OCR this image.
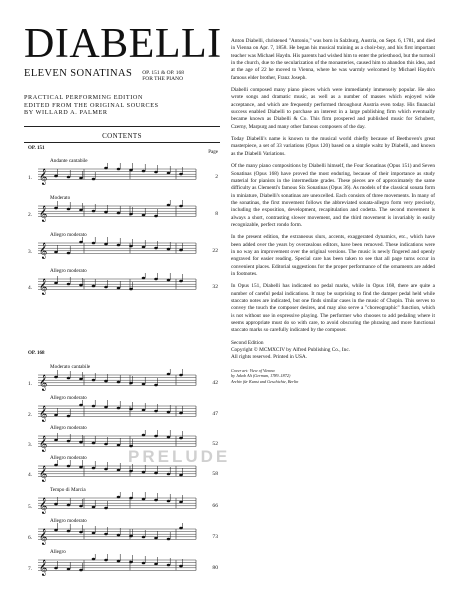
DIABELLI
ELEVEN SONATINAS OP. 151 & OP. 168
FOR THE PIANO
PRACTICAL PERFORMING EDITION
EDITED FROM THE ORIGINAL SOURCES
BY WILLARD A. PALMER
CONTENTS
OP. 151
Page
OP. 168
Andante cantabile
1.	2
𝄞
Moderato
2.	8
𝄞
Allegro moderato
3.	22
𝄞
Allegro moderato
4.	32
𝄞
Moderato cantabile
1.	42
𝄞
Allegro moderato
2.	47
𝄞
Allegro moderato
3.	52
𝄞
Allegro moderato
4.	58
𝄞
Tempo di Marcia
5.	66
𝄞
Allegro moderato
6.	73
𝄞
Allegro
7.	80
𝄞

Anton Diabelli, christened "Antonio," was born in Salzburg, Austria, on Sept. 6, 1781, and died in Vienna on Apr. 7, 1858. He began his musical training as a choir-boy, and his first important teacher was Michael Haydn. His parents had wished him to enter the priesthood, but the turmoil in the church, due to the secularization of the monasteries, caused him to abandon this idea, and at the age of 22 he moved to Vienna, where he was warmly welcomed by Michael Haydn's famous elder brother, Franz Joseph.

Diabelli composed many piano pieces which were immediately immensely popular. He also wrote songs and dramatic music, as well as a number of masses which enjoyed wide acceptance, and which are frequently performed throughout Austria even today. His financial success enabled Diabelli to purchase an interest in a large publishing firm which eventually became known as Diabelli & Co. This firm prospered and published music for Schubert, Czerny, Marpurg and many other famous composers of the day.

Today Diabelli's name is known to the musical world chiefly because of Beethoven's great masterpiece, a set of 33 variations (Opus 120) based on a simple waltz by Diabelli, and known as the Diabelli Variations.

Of the many piano compositions by Diabelli himself, the Four Sonatinas (Opus 151) and Seven Sonatinas (Opus 168) have proved the most enduring, because of their importance as study material for pianists in the intermediate grades. These pieces are of approximately the same difficulty as Clementi's famous Six Sonatinas (Opus 36). As models of the classical sonata form in miniature, Diabelli's sonatinas are unexcelled. Each consists of three movements. In many of the sonatinas, the first movement follows the abbreviated sonata-allegro form very precisely, including the exposition, development, recapitulation and codetta. The second movement is always a short, contrasting slower movement, and the third movement is invariably in easily recognizable, perfect rondo form.

In the present edition, the extraneous slurs, accents, exaggerated dynamics, etc., which have been added over the years by overzealous editors, have been removed. These indications were in no way an improvement over the original versions. The music is newly fingered and openly engraved for easier reading. Special care has been taken to see that all page turns occur in convenient places. Editorial suggestions for the proper performance of the ornaments are added in footnotes.

In Opus 151, Diabelli has indicated no pedal marks, while in Opus 168, there are quite a number of careful pedal indications. It may be surprising to find the damper pedal held while staccato notes are indicated, but one finds similar cases in the music of Chopin. This serves to convey the touch the composer desires, and may also serve a "choreographic" function, which is not without use in expressive playing. The performer who chooses to add pedaling where it seems appropriate must do so with care, to avoid obscuring the phrasing and more functional staccato marks so carefully indicated by the composer.

Second Edition
Copyright © MCMXCIV by Alfred Publishing Co., Inc.
All rights reserved. Printed in USA.
Cover art: View of Vienna
by Jakob Alt (German, 1789–1872)
Archiv für Kunst und Geschichte, Berlin
PRELUDE
